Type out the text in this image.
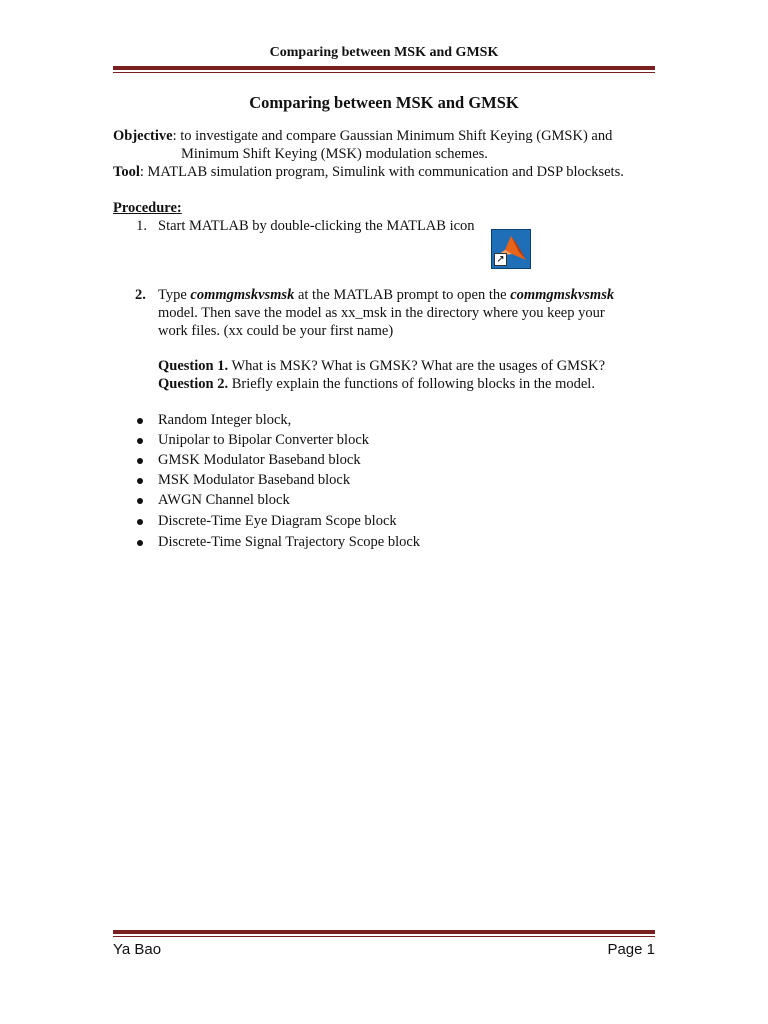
Comparing between MSK and GMSK
Comparing between MSK and GMSK
Objective: to investigate and compare Gaussian Minimum Shift Keying (GMSK) and
Minimum Shift Keying (MSK) modulation schemes.
Tool: MATLAB simulation program, Simulink with communication and DSP blocksets.
Procedure:
1. Start MATLAB by double-clicking the MATLAB icon
↗
2. Type commgmskvsmsk at the MATLAB prompt to open the commgmskvsmsk
model. Then save the model as xx_msk in the directory where you keep your
work files. (xx could be your first name)
Question 1. What is MSK? What is GMSK? What are the usages of GMSK?
Question 2. Briefly explain the functions of following blocks in the model.
Random Integer block,
Unipolar to Bipolar Converter block
GMSK Modulator Baseband block
MSK Modulator Baseband block
AWGN Channel block
Discrete-Time Eye Diagram Scope block
Discrete-Time Signal Trajectory Scope block
Ya Bao	Page 1
